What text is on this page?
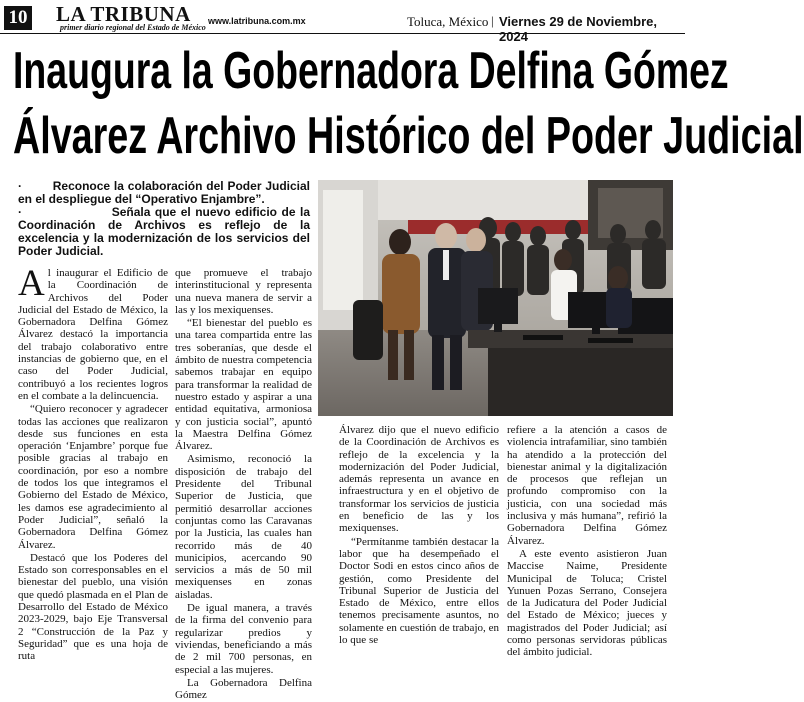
10 LA TRIBUNA
primer diario regional del Estado de México
www.latribuna.com.mx	Toluca, México | Viernes 29 de Noviembre, 2024
Inaugura la Gobernadora Delfina Gómez
Álvarez Archivo Histórico del Poder Judicial

·	Reconoce la colaboración del Poder Judicial en el despliegue del “Operativo Enjambre”.

·	Señala que el nuevo edificio de la Coordinación de Archivos es reflejo de la excelencia y la modernización de los servicios del Poder Judicial.

Al inaugurar el Edificio de la Coordinación de Archivos del Poder Judicial del Estado de México, la Gobernadora Delfina Gómez Álvarez destacó la importancia del trabajo colaborativo entre instancias de gobierno que, en el caso del Poder Judicial, contribuyó a los recientes logros en el combate a la delincuencia.

“Quiero reconocer y agradecer todas las acciones que realizaron desde sus funciones en esta operación ‘Enjambre’ porque fue posible gracias al trabajo en coordinación, por eso a nombre de todos los que integramos el Gobierno del Estado de México, les damos ese agradecimiento al Poder Judicial”, señaló la Gobernadora Delfina Gómez Álvarez.

Destacó que los Poderes del Estado son corresponsables en el bienestar del pueblo, una visión que quedó plasmada en el Plan de Desarrollo del Estado de México 2023-2029, bajo Eje Transversal 2 “Construcción de la Paz y Seguridad” que es una hoja de ruta

que promueve el trabajo interinstitucional y representa una nueva manera de servir a las y los mexiquenses.

“El bienestar del pueblo es una tarea compartida entre las tres soberanías, que desde el ámbito de nuestra competencia sabemos trabajar en equipo para transformar la realidad de nuestro estado y aspirar a una entidad equitativa, armoniosa y con justicia social”, apuntó la Maestra Delfina Gómez Álvarez.

Asimismo, reconoció la disposición de trabajo del Presidente del Tribunal Superior de Justicia, que permitió desarrollar acciones conjuntas como las Caravanas por la Justicia, las cuales han recorrido más de 40 municipios, acercando 90 servicios a más de 50 mil mexiquenses en zonas aisladas.

De igual manera, a través de la firma del convenio para regularizar predios y viviendas, beneficiando a más de 2 mil 700 personas, en especial a las mujeres.

La Gobernadora Delfina Gómez

Álvarez dijo que el nuevo edificio de la Coordinación de Archivos es reflejo de la excelencia y la modernización del Poder Judicial, además representa un avance en infraestructura y en el objetivo de transformar los servicios de justicia en beneficio de las y los mexiquenses.

“Permítanme también destacar la labor que ha desempeñado el Doctor Sodi en estos cinco años de gestión, como Presidente del Tribunal Superior de Justicia del Estado de México, entre ellos tenemos precisamente asuntos, no solamente en cuestión de trabajo, en lo que se

refiere a la atención a casos de violencia intrafamiliar, sino también ha atendido a la protección del bienestar animal y la digitalización de procesos que reflejan un profundo compromiso con la justicia, con una sociedad más inclusiva y más humana”, refirió la Gobernadora Delfina Gómez Álvarez.

A este evento asistieron Juan Maccise Naime, Presidente Municipal de Toluca; Cristel Yunuen Pozas Serrano, Consejera de la Judicatura del Poder Judicial del Estado de México; jueces y magistrados del Poder Judicial; así como personas servidoras públicas del ámbito judicial.
